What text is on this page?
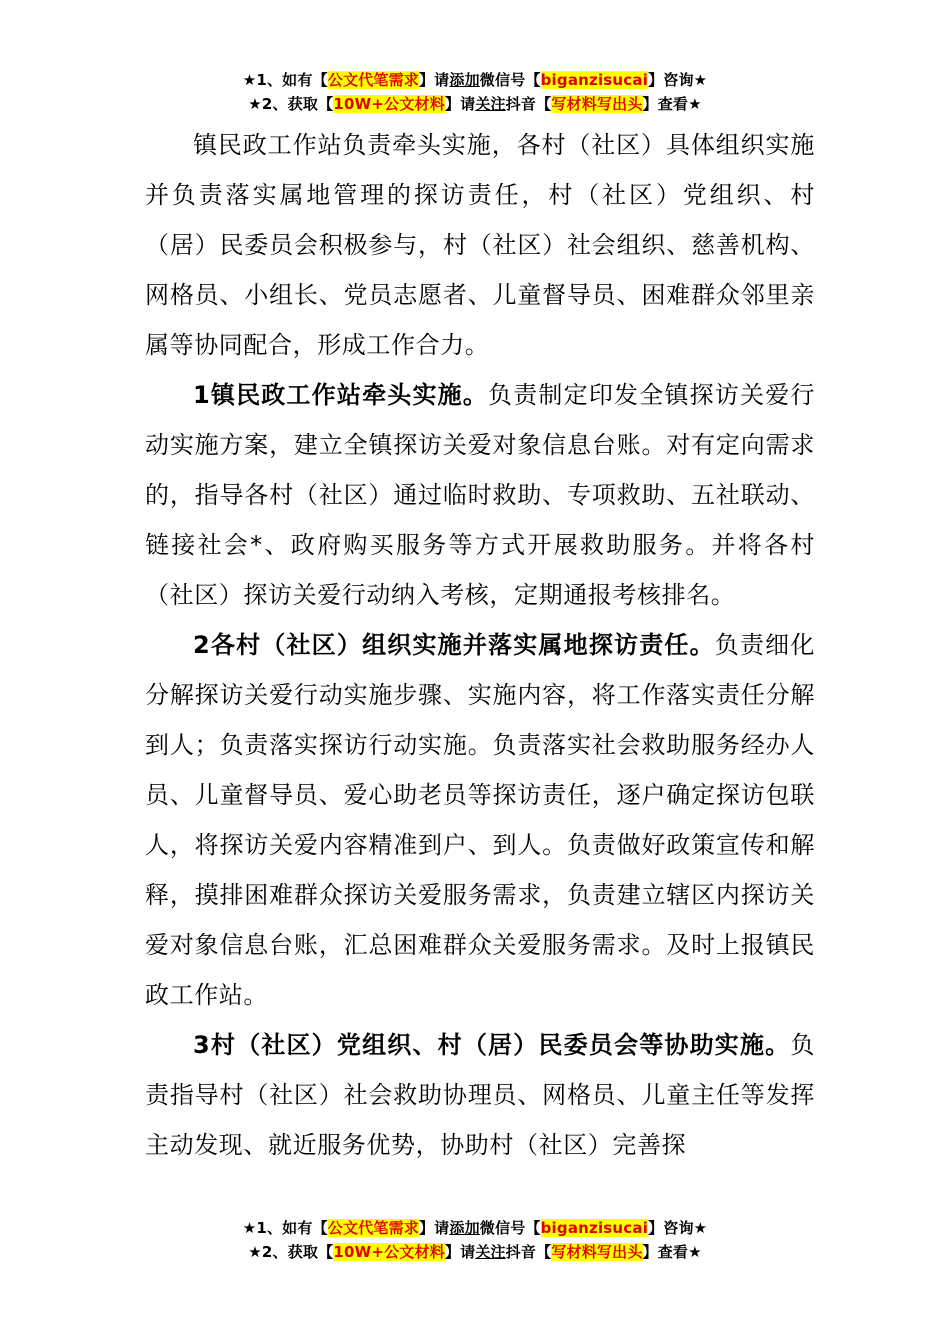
★1、如有【公文代笔需求】请添加微信号【biganzisucai】咨询★
★2、获取【10W+公文材料】请关注抖音【写材料写出头】查看★

镇民政工作站负责牵头实施，各村（社区）具体组织实施并负责落实属地管理的探访责任，村（社区）党组织、村（居）民委员会积极参与，村（社区）社会组织、慈善机构、网格员、小组长、党员志愿者、儿童督导员、困难群众邻里亲属等协同配合，形成工作合力。

1镇民政工作站牵头实施。负责制定印发全镇探访关爱行动实施方案，建立全镇探访关爱对象信息台账。对有定向需求的，指导各村（社区）通过临时救助、专项救助、五社联动、链接社会*、政府购买服务等方式开展救助服务。并将各村（社区）探访关爱行动纳入考核，定期通报考核排名。

2各村（社区）组织实施并落实属地探访责任。负责细化分解探访关爱行动实施步骤、实施内容，将工作落实责任分解到人；负责落实探访行动实施。负责落实社会救助服务经办人员、儿童督导员、爱心助老员等探访责任，逐户确定探访包联人，将探访关爱内容精准到户、到人。负责做好政策宣传和解释，摸排困难群众探访关爱服务需求，负责建立辖区内探访关爱对象信息台账，汇总困难群众关爱服务需求。及时上报镇民政工作站。

3村（社区）党组织、村（居）民委员会等协助实施。负责指导村（社区）社会救助协理员、网格员、儿童主任等发挥主动发现、就近服务优势，协助村（社区）完善探

★1、如有【公文代笔需求】请添加微信号【biganzisucai】咨询★
★2、获取【10W+公文材料】请关注抖音【写材料写出头】查看★
